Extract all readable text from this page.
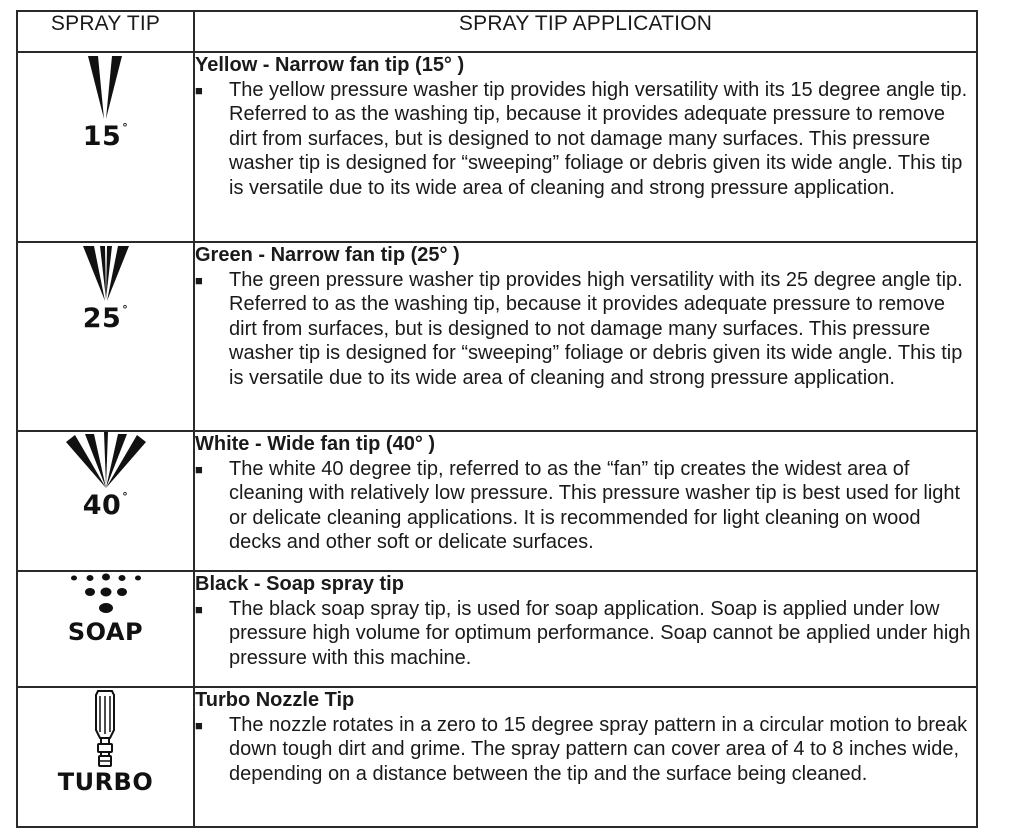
SPRAY TIP	SPRAY TIP APPLICATION

15°	Yellow - Narrow fan tip (15° )
■ The yellow pressure washer tip provides high versatility with its 15 degree angle tip. Referred to as the washing tip, because it provides adequate pressure to remove dirt from surfaces, but is designed to not damage many surfaces. This pressure washer tip is designed for “sweeping” foliage or debris given its wide angle. This tip is versatile due to its wide area of cleaning and strong pressure application.

25°	Green - Narrow fan tip (25° )
■ The green pressure washer tip provides high versatility with its 25 degree angle tip. Referred to as the washing tip, because it provides adequate pressure to remove dirt from surfaces, but is designed to not damage many surfaces. This pressure washer tip is designed for “sweeping” foliage or debris given its wide angle. This tip is versatile due to its wide area of cleaning and strong pressure application.

40°	White - Wide fan tip (40° )
■ The white 40 degree tip, referred to as the “fan” tip creates the widest area of cleaning with relatively low pressure. This pressure washer tip is best used for light or delicate cleaning applications. It is recommended for light cleaning on wood decks and other soft or delicate surfaces.

SOAP	Black - Soap spray tip
■ The black soap spray tip, is used for soap application. Soap is applied under low pressure high volume for optimum performance. Soap cannot be applied under high pressure with this machine.

TURBO	Turbo Nozzle Tip
■ The nozzle rotates in a zero to 15 degree spray pattern in a circular motion to break down tough dirt and grime. The spray pattern can cover area of 4 to 8 inches wide, depending on a distance between the tip and the surface being cleaned.
